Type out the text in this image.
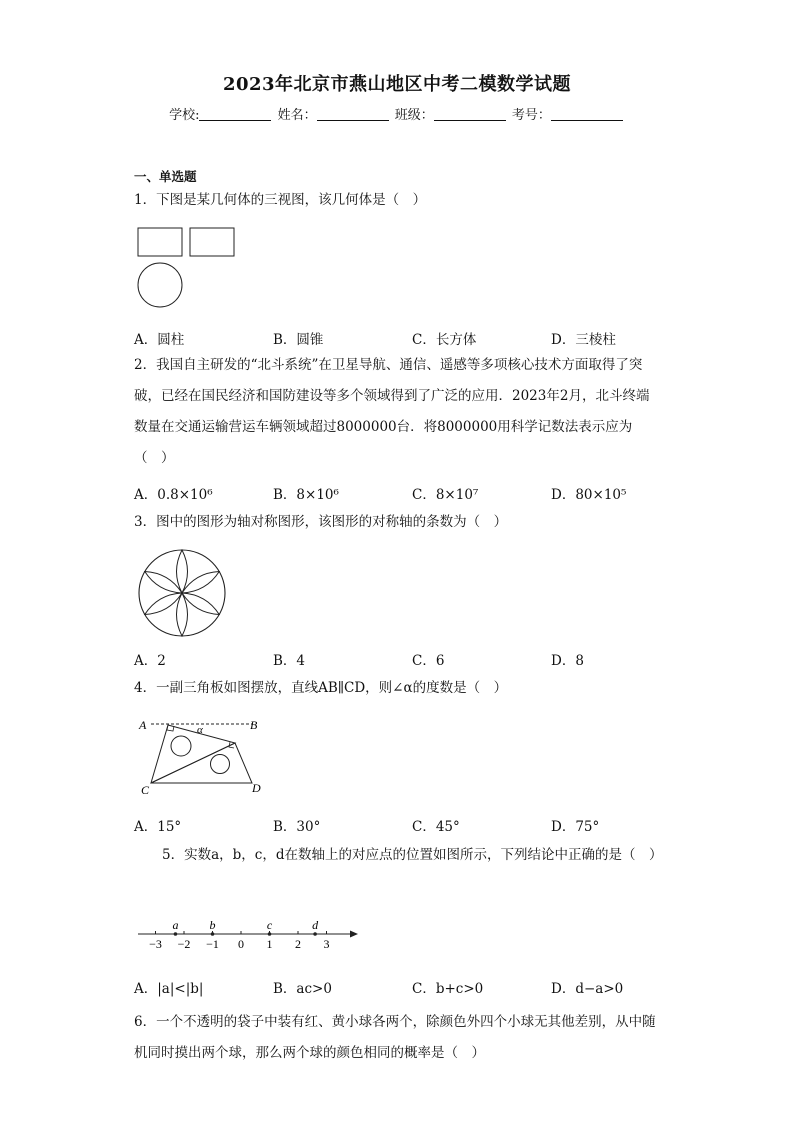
2023年北京市燕山地区中考二模数学试题
学校:	姓名：	班级：	考号：
一、单选题
1．下图是某几何体的三视图，该几何体是（　）
A．圆柱	B．圆锥	C．长方体	D．三棱柱
2．我国自主研发的“北斗系统”在卫星导航、通信、遥感等多项核心技术方面取得了突破，已经在国民经济和国防建设等多个领域得到了广泛的应用．2023年2月，北斗终端数量在交通运输营运车辆领域超过8000000台．将8000000用科学记数法表示应为（　）
A．0.8×10⁶	B．8×10⁶	C．8×10⁷	D．80×10⁵
3．图中的图形为轴对称图形，该图形的对称轴的条数为（　）
A．2	B．4	C．6	D．8
4．一副三角板如图摆放，直线AB∥CD，则∠α的度数是（　）
A	B
C	D
α
A．15°	B．30°	C．45°	D．75°
5．实数a，b，c，d在数轴上的对应点的位置如图所示，下列结论中正确的是（　）
−3 −2 −1 0 1 2 3
a	b	c	d
A．|a|<|b|	B．ac>0	C．b+c>0	D．d−a>0
6．一个不透明的袋子中装有红、黄小球各两个，除颜色外四个小球无其他差别，从中随机同时摸出两个球，那么两个球的颜色相同的概率是（　）
